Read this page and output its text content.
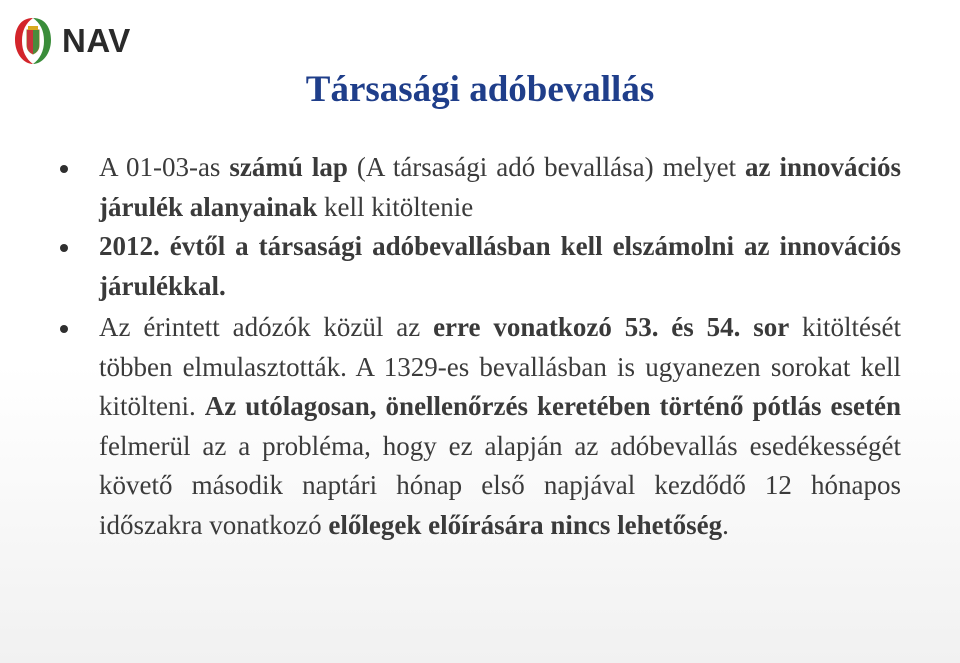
NAV
Társasági adóbevallás
A 01-03-as számú lap (A társasági adó bevallása) melyet az innovációs járulék alanyainak kell kitöltenie
2012. évtől a társasági adóbevallásban kell elszámolni az innovációs járulékkal.
Az érintett adózók közül az erre vonatkozó 53. és 54. sor kitöltését többen elmulasztották. A 1329-es bevallásban is ugyanezen sorokat kell kitölteni. Az utólagosan, önellenőrzés keretében történő pótlás esetén felmerül az a probléma, hogy ez alapján az adóbevallás esedékességét követő második naptári hónap első napjával kezdődő 12 hónapos időszakra vonatkozó előlegek előírására nincs lehetőség.
